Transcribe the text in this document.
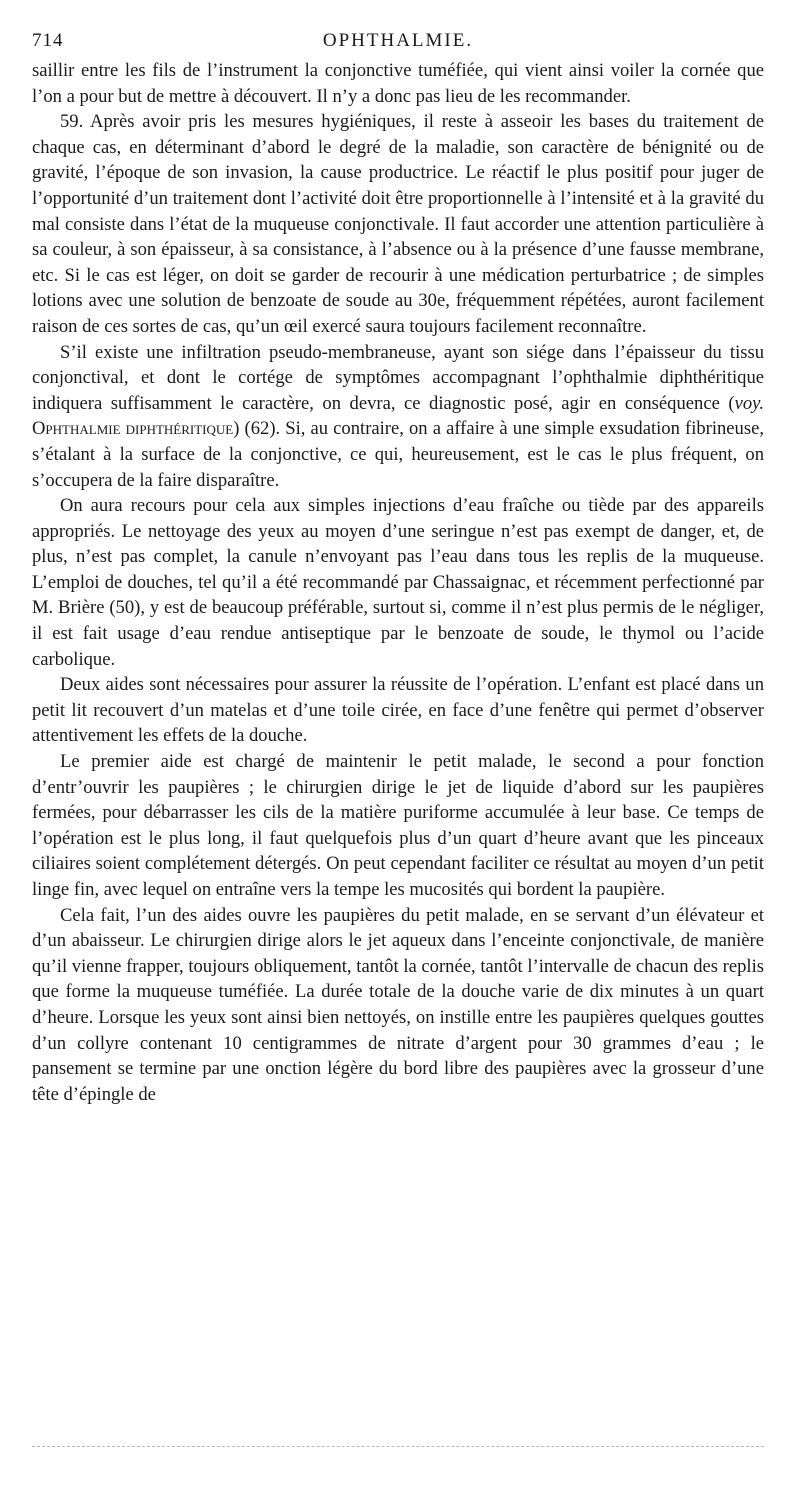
714	OPHTHALMIE.

saillir entre les fils de l’instrument la conjonctive tuméfiée, qui vient ainsi voiler la cornée que l’on a pour but de mettre à découvert. Il n’y a donc pas lieu de les recommander.

59. Après avoir pris les mesures hygiéniques, il reste à asseoir les bases du traitement de chaque cas, en déterminant d’abord le degré de la maladie, son caractère de bénignité ou de gravité, l’époque de son invasion, la cause productrice. Le réactif le plus positif pour juger de l’opportunité d’un traitement dont l’activité doit être proportionnelle à l’intensité et à la gravité du mal consiste dans l’état de la muqueuse conjonctivale. Il faut accorder une attention particulière à sa couleur, à son épaisseur, à sa consistance, à l’absence ou à la présence d’une fausse membrane, etc. Si le cas est léger, on doit se garder de recourir à une médication perturbatrice ; de simples lotions avec une solution de benzoate de soude au 30e, fréquemment répétées, auront facilement raison de ces sortes de cas, qu’un œil exercé saura toujours facilement reconnaître.

S’il existe une infiltration pseudo-membraneuse, ayant son siége dans l’épaisseur du tissu conjonctival, et dont le cortége de symptômes accompagnant l’ophthalmie diphthéritique indiquera suffisamment le caractère, on devra, ce diagnostic posé, agir en conséquence (voy. Ophthalmie diphthéritique) (62). Si, au contraire, on a affaire à une simple exsudation fibrineuse, s’étalant à la surface de la conjonctive, ce qui, heureusement, est le cas le plus fréquent, on s’occupera de la faire disparaître.

On aura recours pour cela aux simples injections d’eau fraîche ou tiède par des appareils appropriés. Le nettoyage des yeux au moyen d’une seringue n’est pas exempt de danger, et, de plus, n’est pas complet, la canule n’envoyant pas l’eau dans tous les replis de la muqueuse. L’emploi de douches, tel qu’il a été recommandé par Chassaignac, et récemment perfectionné par M. Brière (50), y est de beaucoup préférable, surtout si, comme il n’est plus permis de le négliger, il est fait usage d’eau rendue antiseptique par le benzoate de soude, le thymol ou l’acide carbolique.

Deux aides sont nécessaires pour assurer la réussite de l’opération. L’enfant est placé dans un petit lit recouvert d’un matelas et d’une toile cirée, en face d’une fenêtre qui permet d’observer attentivement les effets de la douche.

Le premier aide est chargé de maintenir le petit malade, le second a pour fonction d’entr’ouvrir les paupières ; le chirurgien dirige le jet de liquide d’abord sur les paupières fermées, pour débarrasser les cils de la matière puriforme accumulée à leur base. Ce temps de l’opération est le plus long, il faut quelquefois plus d’un quart d’heure avant que les pinceaux ciliaires soient complétement détergés. On peut cependant faciliter ce résultat au moyen d’un petit linge fin, avec lequel on entraîne vers la tempe les mucosités qui bordent la paupière.

Cela fait, l’un des aides ouvre les paupières du petit malade, en se servant d’un élévateur et d’un abaisseur. Le chirurgien dirige alors le jet aqueux dans l’enceinte conjonctivale, de manière qu’il vienne frapper, toujours obliquement, tantôt la cornée, tantôt l’intervalle de chacun des replis que forme la muqueuse tuméfiée. La durée totale de la douche varie de dix minutes à un quart d’heure. Lorsque les yeux sont ainsi bien nettoyés, on instille entre les paupières quelques gouttes d’un collyre contenant 10 centigrammes de nitrate d’argent pour 30 grammes d’eau ; le pansement se termine par une onction légère du bord libre des paupières avec la grosseur d’une tête d’épingle de
